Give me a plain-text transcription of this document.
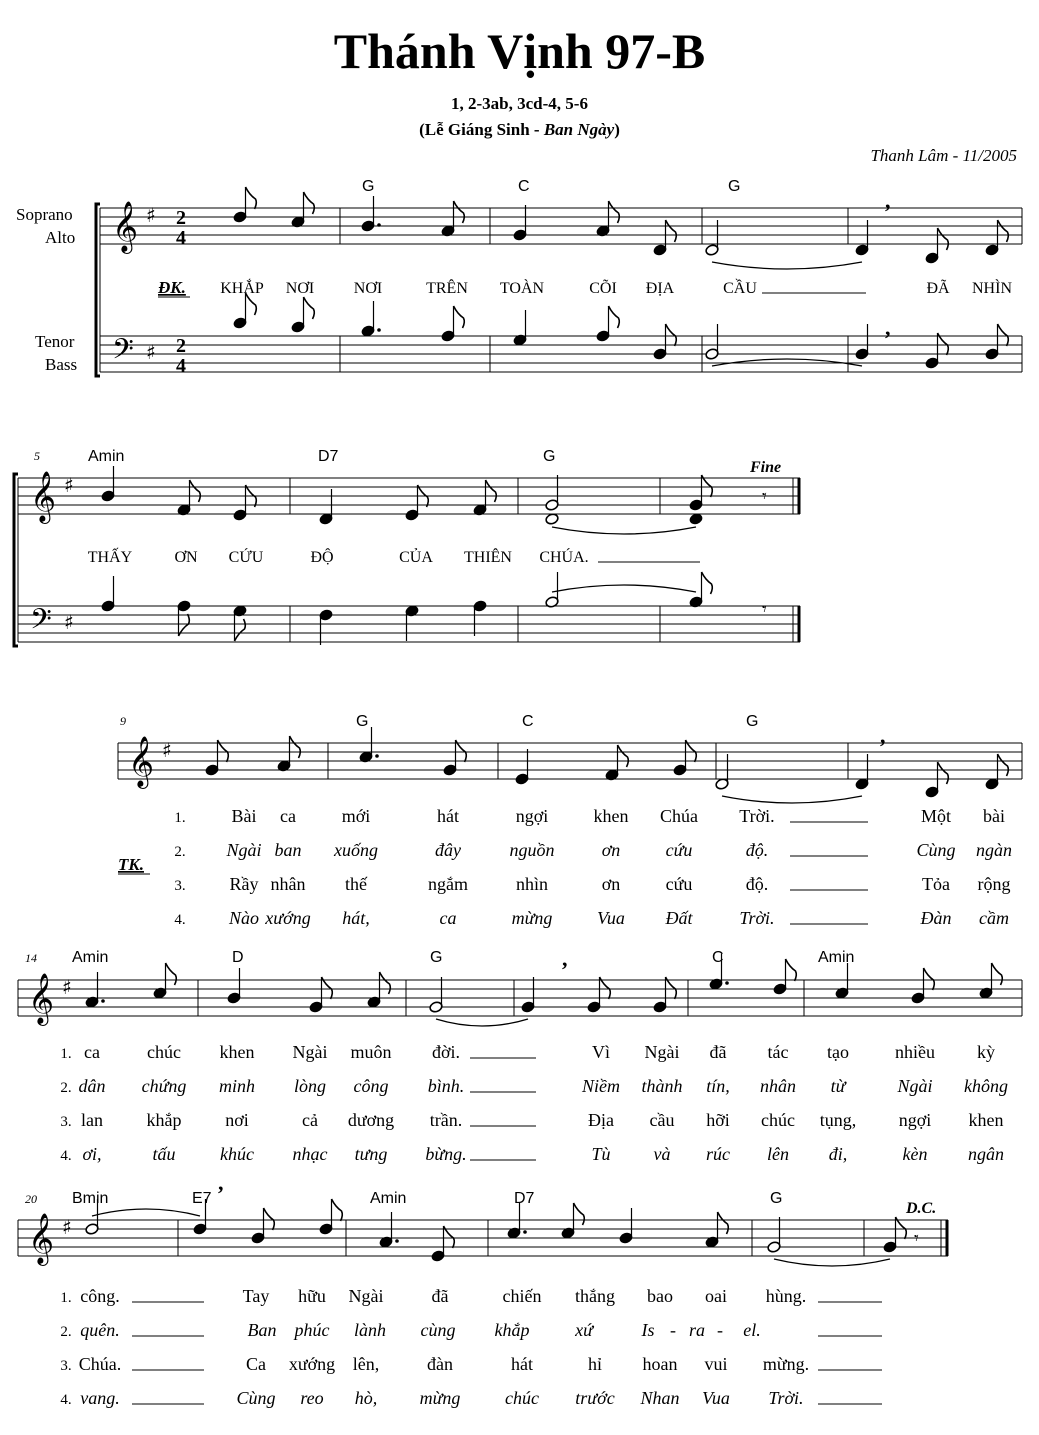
Thánh Vịnh 97-B
1, 2-3ab, 3cd-4, 5-6
(Lễ Giáng Sinh - Ban Ngày)
Thanh Lâm - 11/2005
Soprano
Alto
Tenor
Bass
5
9
14
20
Fine
D.C.
ĐK.
TK.
2
4
2
4
𝄞 ♯
𝄢 ♯
G	C	G
,
,
KHẮP NƠI NƠI	TRÊN TOÀN	CÕI ĐỊA	CẦU	ĐÃ NHÌN
𝄞 ♯
𝄢 ♯
Amin	D7	G
𝄾
𝄾
THẤY	ƠN CỨU	ĐỘ	CỦA THIÊN CHÚA.
𝄞 ♯
G	C	G
,
1.	Bài ca	mới	hát	ngợi	khen Chúa Trời.	Một bài
2. Ngài ban xuống	đây	nguồn	ơn	cứu	độ.	Cùng ngàn
3. Rầy nhân thế	ngắm	nhìn	ơn	cứu	độ.	Tỏa rộng
4. Nào xướng hát,	ca	mừng Vua Đất	Trời.	Đàn cầm
𝄞 ♯
Amin	D	G	C	Amin
,
1. ca	chúc khen Ngài muôn đời.	Vì Ngài đã tác tạo	nhiều kỳ
2. dân chứng minh lòng công bình.	Niềm thành tín, nhân từ	Ngài không
3. lan khắp nơi	cả dương trần.	Địa cầu hỡi chúc tụng, ngợi khen
4. ơi,	tấu khúc nhạc tưng bừng.	Tù và rúc lên đi,	kèn ngân
𝄞 ♯
Bmin	E7	Amin	D7	G
,
𝄾
1. công.	Tay hữu Ngài	đã	chiến thắng bao oai hùng.
2. quên.	Ban phúc lành cùng khắp	xứ	Is - ra - el.
3. Chúa.	Ca xướng lên,	đàn	hát	hỉ hoan vui mừng.
4. vang.	Cùng reo hò, mừng chúc trước Nhan Vua Trời.
